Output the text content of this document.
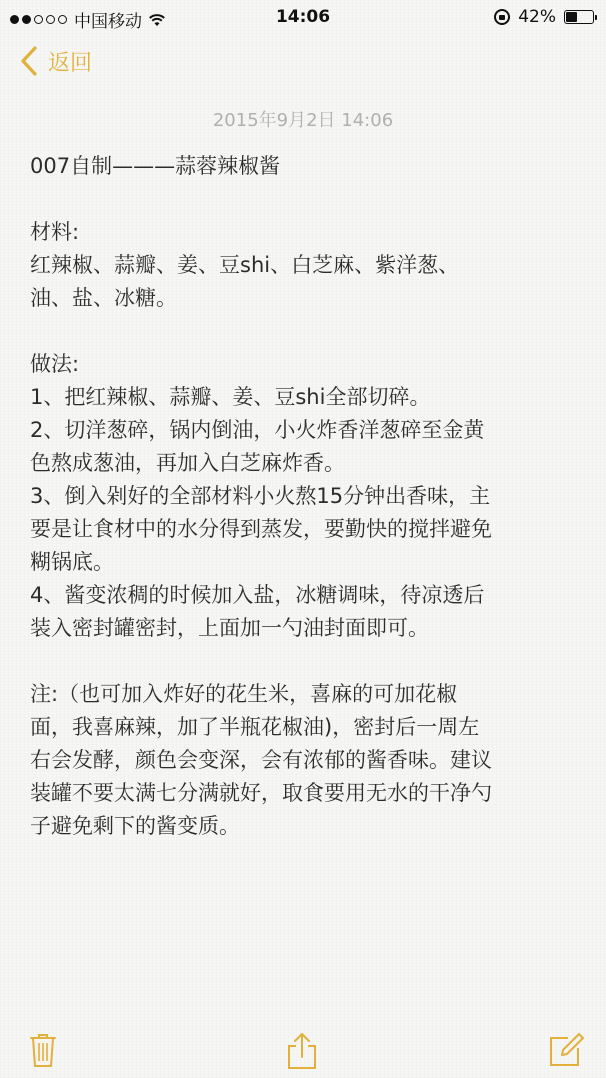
中国移动	14:06	42%
返回
2015年9月2日 14:06
007自制———蒜蓉辣椒酱
材料:
红辣椒、蒜瓣、姜、豆shi、白芝麻、紫洋葱、
油、盐、冰糖。
做法:
1、把红辣椒、蒜瓣、姜、豆shi全部切碎。
2、切洋葱碎，锅内倒油，小火炸香洋葱碎至金黄
色熬成葱油，再加入白芝麻炸香。
3、倒入剁好的全部材料小火熬15分钟出香味，主
要是让食材中的水分得到蒸发，要勤快的搅拌避免
糊锅底。
4、酱变浓稠的时候加入盐，冰糖调味，待凉透后
装入密封罐密封，上面加一勺油封面即可。
注:（也可加入炸好的花生米，喜麻的可加花椒
面，我喜麻辣，加了半瓶花椒油)，密封后一周左
右会发酵，颜色会变深，会有浓郁的酱香味。建议
装罐不要太满七分满就好，取食要用无水的干净勺
子避免剩下的酱变质。
